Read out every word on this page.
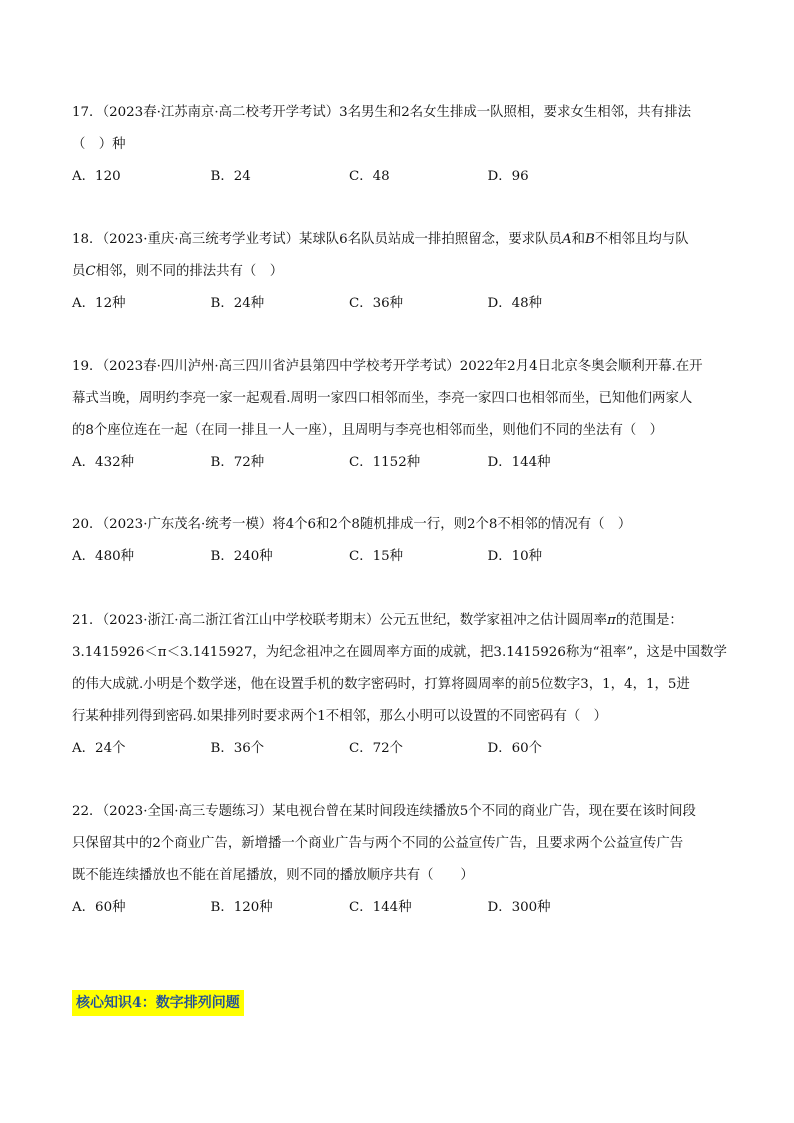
17．（2023春·江苏南京·高二校考开学考试）3名男生和2名女生排成一队照相，要求女生相邻，共有排法
（　）种
A．120	B．24	C．48	D．96
18．（2023·重庆·高三统考学业考试）某球队6名队员站成一排拍照留念，要求队员A和B不相邻且均与队
员C相邻，则不同的排法共有（　）
A．12种	B．24种	C．36种	D．48种
19．（2023春·四川泸州·高三四川省泸县第四中学校考开学考试）2022年2月4日北京冬奥会顺利开幕.在开
幕式当晚，周明约李亮一家一起观看.周明一家四口相邻而坐，李亮一家四口也相邻而坐，已知他们两家人
的8个座位连在一起（在同一排且一人一座），且周明与李亮也相邻而坐，则他们不同的坐法有（　）
A．432种	B．72种	C．1152种	D．144种
20．（2023·广东茂名·统考一模）将4个6和2个8随机排成一行，则2个8不相邻的情况有（　）
A．480种	B．240种	C．15种	D．10种
21．（2023·浙江·高二浙江省江山中学校联考期末）公元五世纪，数学家祖冲之估计圆周率π的范围是：
3.1415926＜π＜3.1415927，为纪念祖冲之在圆周率方面的成就，把3.1415926称为“祖率”，这是中国数学
的伟大成就.小明是个数学迷，他在设置手机的数字密码时，打算将圆周率的前5位数字3，1，4，1，5进
行某种排列得到密码.如果排列时要求两个1不相邻，那么小明可以设置的不同密码有（　）
A．24个	B．36个	C．72个	D．60个
22．（2023·全国·高三专题练习）某电视台曾在某时间段连续播放5个不同的商业广告，现在要在该时间段
只保留其中的2个商业广告，新增播一个商业广告与两个不同的公益宣传广告，且要求两个公益宣传广告
既不能连续播放也不能在首尾播放，则不同的播放顺序共有（　　）
A．60种	B．120种	C．144种	D．300种
核心知识4：数字排列问题
